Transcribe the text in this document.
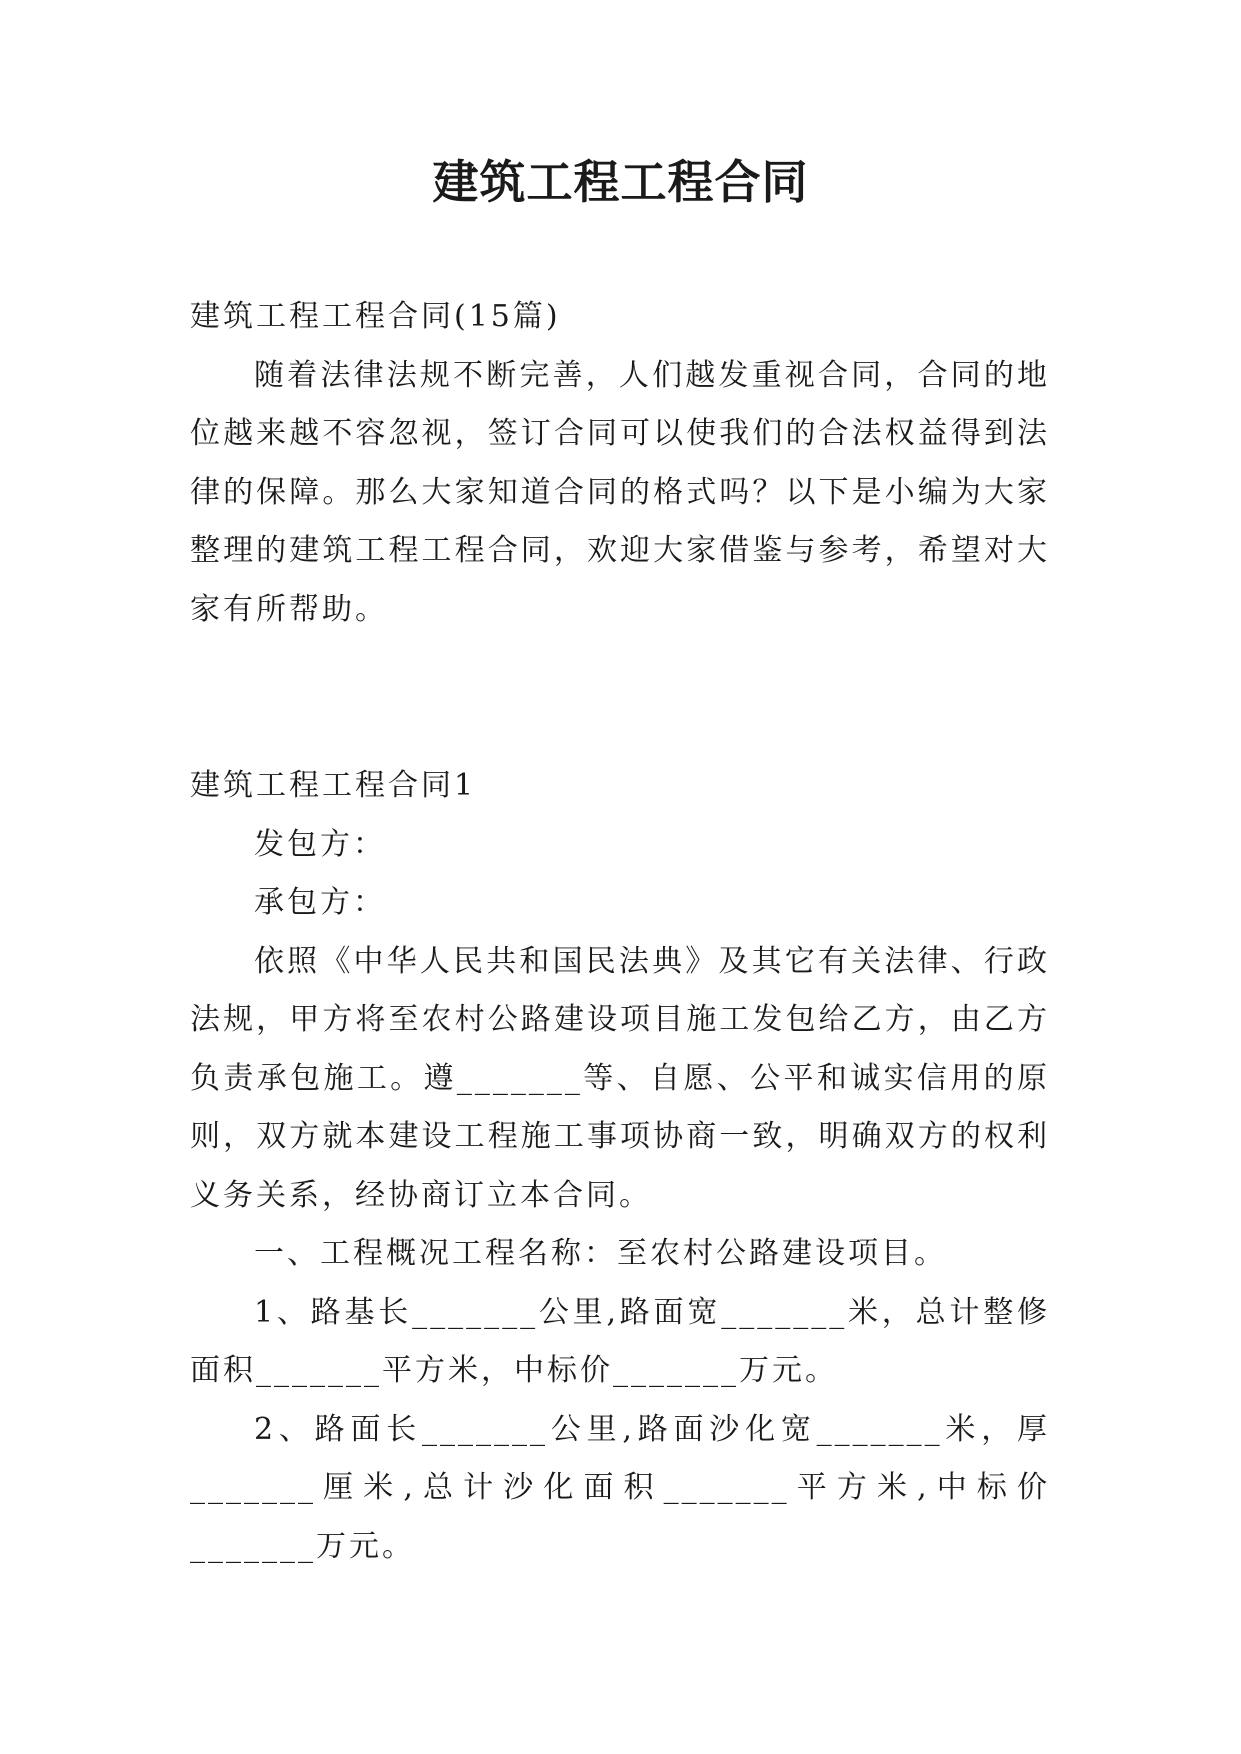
建筑工程工程合同

建筑工程工程合同(15篇)

随着法律法规不断完善，人们越发重视合同，合同的地位越来越不容忽视，签订合同可以使我们的合法权益得到法律的保障。那么大家知道合同的格式吗？以下是小编为大家整理的建筑工程工程合同，欢迎大家借鉴与参考，希望对大家有所帮助。

建筑工程工程合同1

发包方：

承包方：

依照《中华人民共和国民法典》及其它有关法律、行政法规，甲方将至农村公路建设项目施工发包给乙方，由乙方负责承包施工。遵_______等、自愿、公平和诚实信用的原则，双方就本建设工程施工事项协商一致，明确双方的权利义务关系，经协商订立本合同。

一、工程概况工程名称：至农村公路建设项目。

1、路基长_______公里,路面宽_______米，总计整修面积_______平方米，中标价_______万元。

2、路面长_______公里,路面沙化宽_______米，厚_______厘米,总计沙化面积_______平方米,中标价_______万元。
